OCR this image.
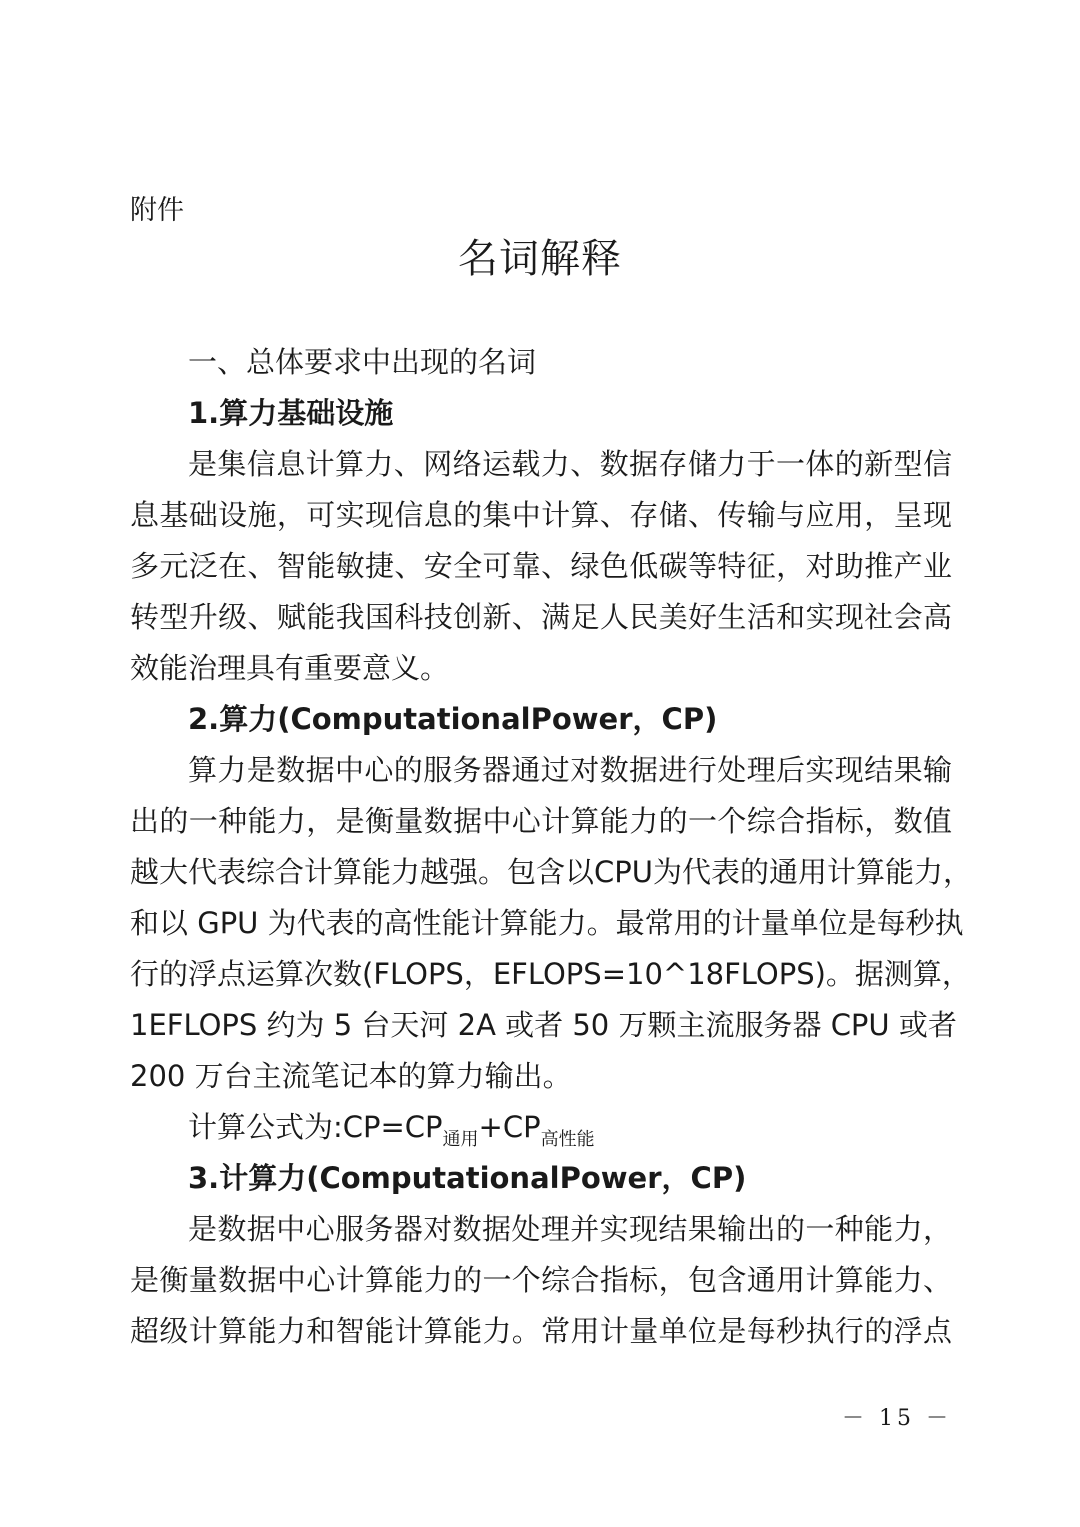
附件
名词解释
一、总体要求中出现的名词
1.算力基础设施
是集信息计算力、网络运载力、数据存储力于一体的新型信
息基础设施，可实现信息的集中计算、存储、传输与应用，呈现
多元泛在、智能敏捷、安全可靠、绿色低碳等特征，对助推产业
转型升级、赋能我国科技创新、满足人民美好生活和实现社会高
效能治理具有重要意义。
2.算力(ComputationalPower，CP)
算力是数据中心的服务器通过对数据进行处理后实现结果输
出的一种能力，是衡量数据中心计算能力的一个综合指标，数值
越大代表综合计算能力越强。包含以CPU为代表的通用计算能力，
和以 GPU 为代表的高性能计算能力。最常用的计量单位是每秒执
行的浮点运算次数(FLOPS，EFLOPS=10^18FLOPS)。据测算，
1EFLOPS 约为 5 台天河 2A 或者 50 万颗主流服务器 CPU 或者
200 万台主流笔记本的算力输出。
计算公式为$:CP=CP_{通用}+CP_{高性能}$
3.计算力(ComputationalPower，CP)
是数据中心服务器对数据处理并实现结果输出的一种能力，
是衡量数据中心计算能力的一个综合指标，包含通用计算能力、
超级计算能力和智能计算能力。常用计量单位是每秒执行的浮点
－ 15 －
